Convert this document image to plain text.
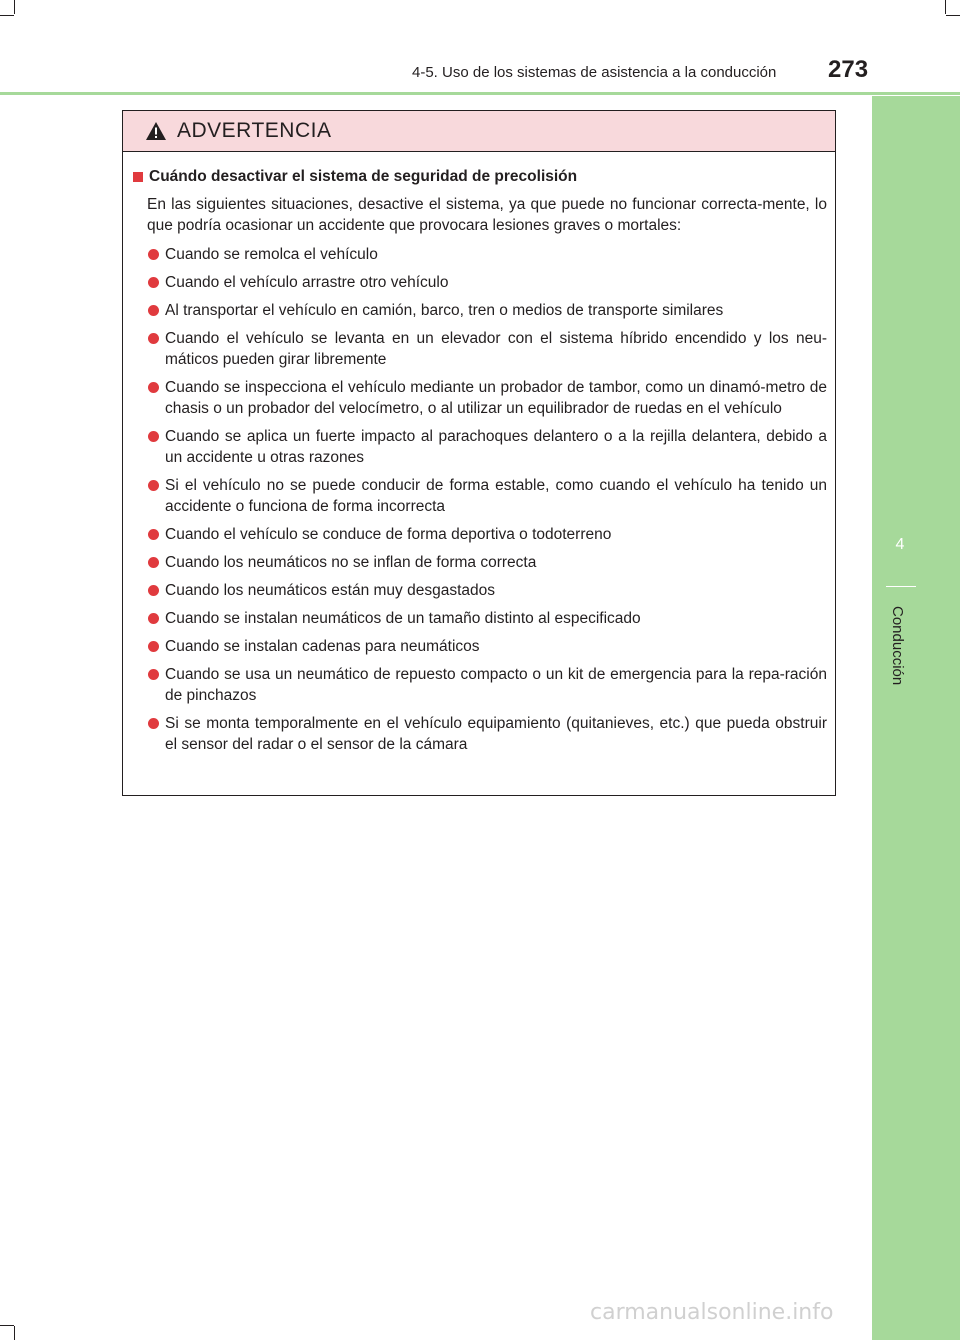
4-5. Uso de los sistemas de asistencia a la conducción 273
4
Conducción
ADVERTENCIA
Cuándo desactivar el sistema de seguridad de precolisión
En las siguientes situaciones, desactive el sistema, ya que puede no funcionar correcta-mente, lo que podría ocasionar un accidente que provocara lesiones graves o mortales:
Cuando se remolca el vehículo
Cuando el vehículo arrastre otro vehículo
Al transportar el vehículo en camión, barco, tren o medios de transporte similares
Cuando el vehículo se levanta en un elevador con el sistema híbrido encendido y los neu-máticos pueden girar libremente
Cuando se inspecciona el vehículo mediante un probador de tambor, como un dinamó-metro de chasis o un probador del velocímetro, o al utilizar un equilibrador de ruedas en el vehículo
Cuando se aplica un fuerte impacto al parachoques delantero o a la rejilla delantera, debido a un accidente u otras razones
Si el vehículo no se puede conducir de forma estable, como cuando el vehículo ha tenido un accidente o funciona de forma incorrecta
Cuando el vehículo se conduce de forma deportiva o todoterreno
Cuando los neumáticos no se inflan de forma correcta
Cuando los neumáticos están muy desgastados
Cuando se instalan neumáticos de un tamaño distinto al especificado
Cuando se instalan cadenas para neumáticos
Cuando se usa un neumático de repuesto compacto o un kit de emergencia para la repa-ración de pinchazos
Si se monta temporalmente en el vehículo equipamiento (quitanieves, etc.) que pueda obstruir el sensor del radar o el sensor de la cámara
carmanualsonline.info
